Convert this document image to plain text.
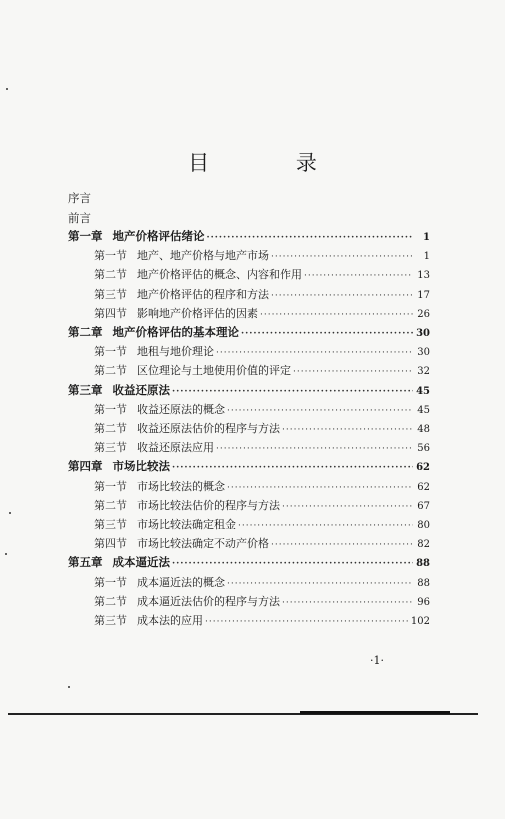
目 录
序言
前言
第一章 地产价格评估绪论 ·····	1
第一节 地产、地产价格与地产市场 ·····	1
第二节 地产价格评估的概念、内容和作用 ·····	13
第三节 地产价格评估的程序和方法 ·····	17
第四节 影响地产价格评估的因素 ·····	26
第二章 地产价格评估的基本理论 ·····	30
第一节 地租与地价理论 ·····	30
第二节 区位理论与土地使用价值的评定 ·····	32
第三章 收益还原法 ·····	45
第一节 收益还原法的概念 ·····	45
第二节 收益还原法估价的程序与方法 ·····	48
第三节 收益还原法应用 ·····	56
第四章 市场比较法 ·····	62
第一节 市场比较法的概念 ·····	62
第二节 市场比较法估价的程序与方法 ·····	67
第三节 市场比较法确定租金 ·····	80
第四节 市场比较法确定不动产价格 ·····	82
第五章 成本逼近法 ·····	88
第一节 成本逼近法的概念 ·····	88
第二节 成本逼近法估价的程序与方法 ·····	96
第三节 成本法的应用 ·····	102
·1·
